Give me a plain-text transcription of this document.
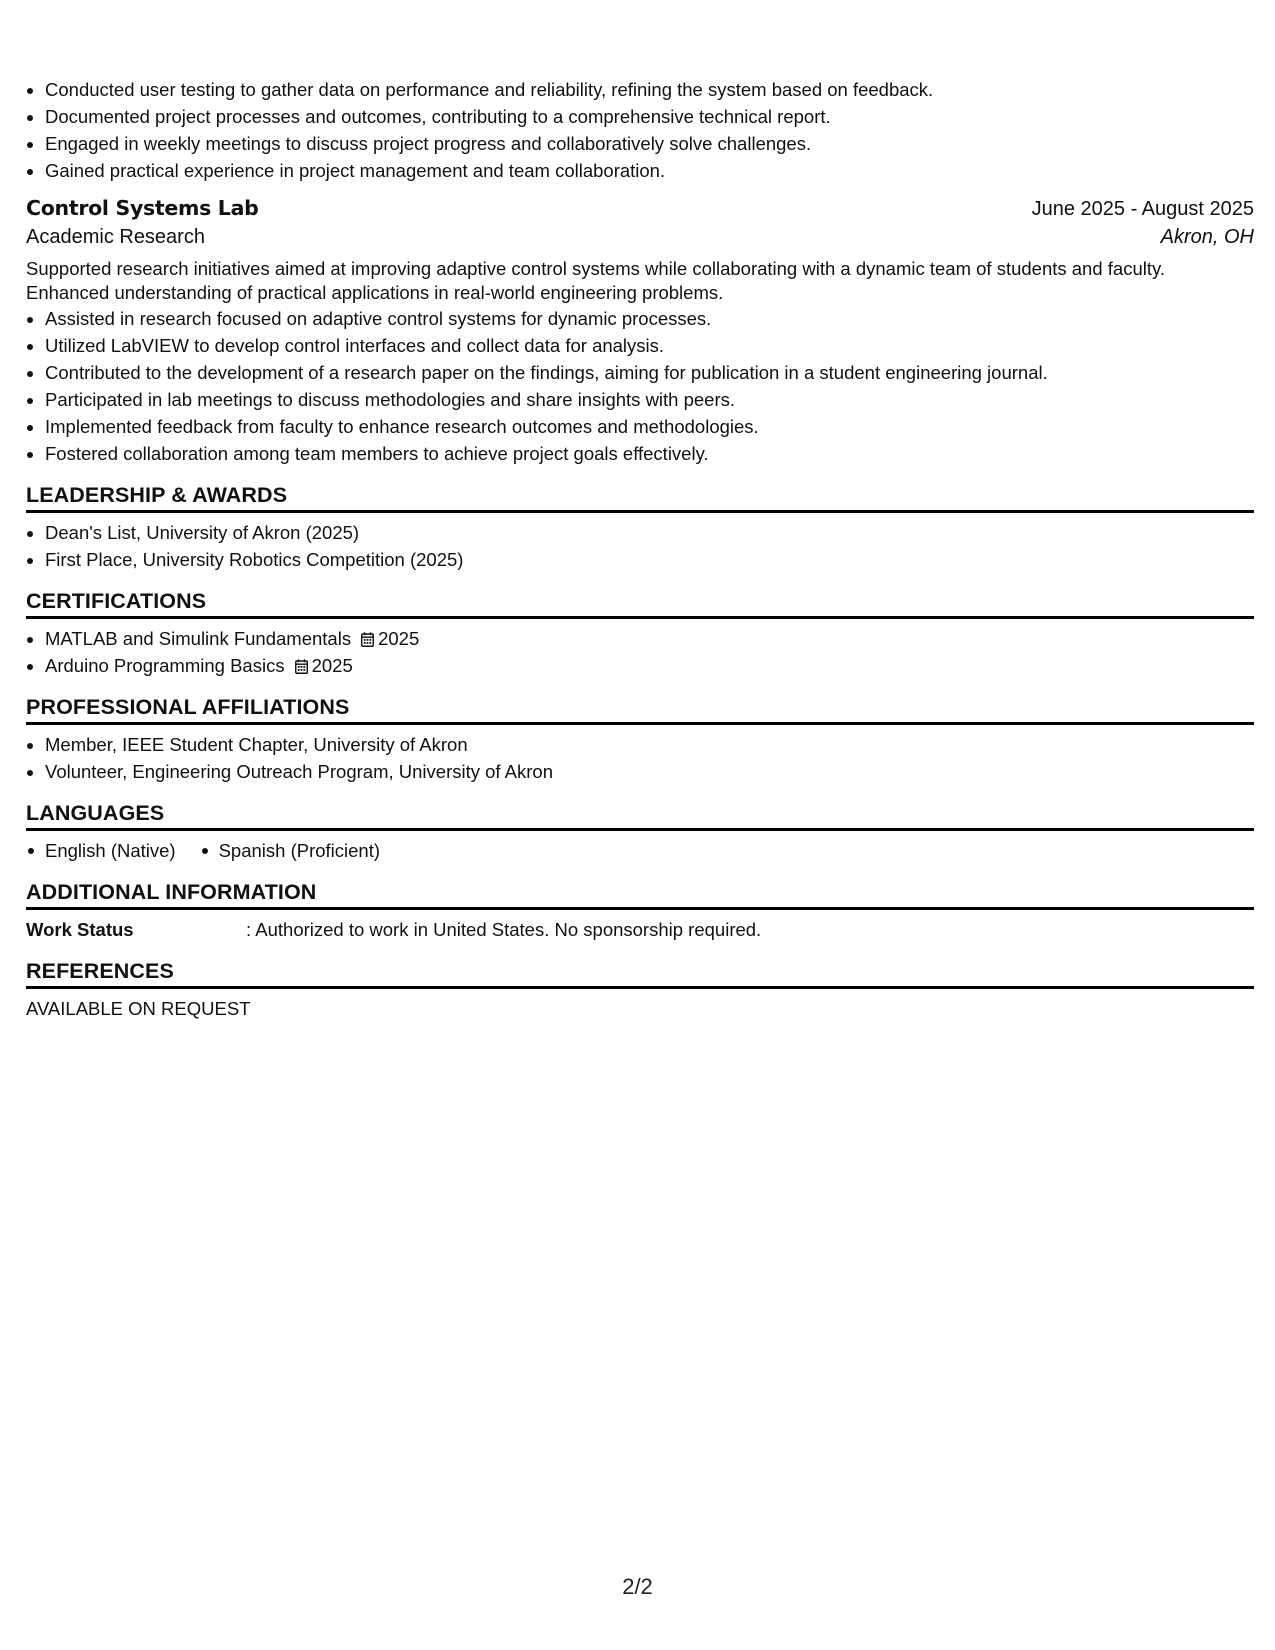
• Conducted user testing to gather data on performance and reliability, refining the system based on feedback.
• Documented project processes and outcomes, contributing to a comprehensive technical report.
• Engaged in weekly meetings to discuss project progress and collaboratively solve challenges.
• Gained practical experience in project management and team collaboration.
Control Systems Lab	June 2025 - August 2025
Academic Research	Akron, OH

Supported research initiatives aimed at improving adaptive control systems while collaborating with a dynamic team of students and faculty.
Enhanced understanding of practical applications in real-world engineering problems.

• Assisted in research focused on adaptive control systems for dynamic processes.
• Utilized LabVIEW to develop control interfaces and collect data for analysis.
• Contributed to the development of a research paper on the findings, aiming for publication in a student engineering journal.
• Participated in lab meetings to discuss methodologies and share insights with peers.
• Implemented feedback from faculty to enhance research outcomes and methodologies.
• Fostered collaboration among team members to achieve project goals effectively.
LEADERSHIP & AWARDS
• Dean's List, University of Akron (2025)
• First Place, University Robotics Competition (2025)
CERTIFICATIONS
• MATLAB and Simulink Fundamentals 2025
• Arduino Programming Basics 2025
PROFESSIONAL AFFILIATIONS
• Member, IEEE Student Chapter, University of Akron
• Volunteer, Engineering Outreach Program, University of Akron
LANGUAGES
English (Native)	Spanish (Proficient)
ADDITIONAL INFORMATION
Work Status	: Authorized to work in United States. No sponsorship required.
REFERENCES
AVAILABLE ON REQUEST
2/2
